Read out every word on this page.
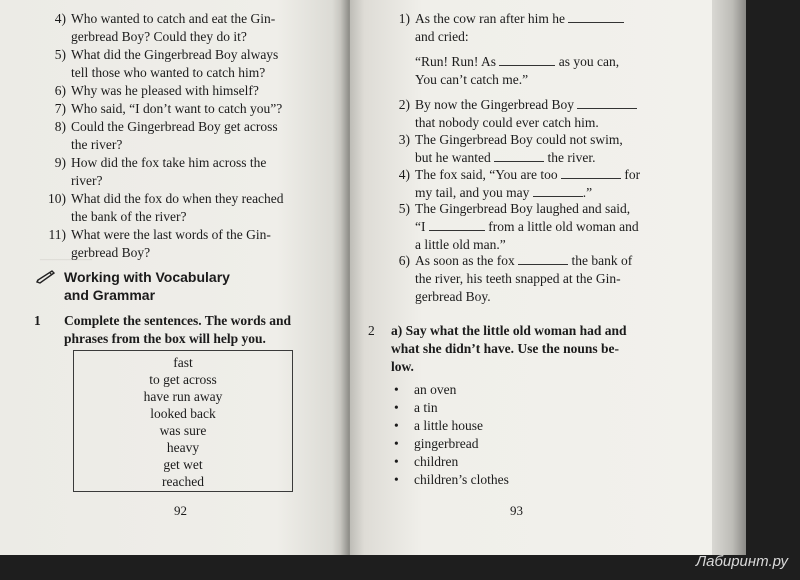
————
4) Who wanted to catch and eat the Gin-
gerbread Boy? Could they do it?
5) What did the Gingerbread Boy always
tell those who wanted to catch him?
6) Why was he pleased with himself?
7) Who said, “I don’t want to catch you”?
8) Could the Gingerbread Boy get across
the river?
9) How did the fox take him across the
river?
10) What did the fox do when they reached
the bank of the river?
11) What were the last words of the Gin-
gerbread Boy?
Working with Vocabulary
and Grammar
1 Complete the sentences. The words and
phrases from the box will help you.
fast
to get across
have run away
looked back
was sure
heavy
get wet
reached
92
1) As the cow ran after him he
and cried:
“Run! Run! As	as you can,
You can’t catch me.”
2) By now the Gingerbread Boy
that nobody could ever catch him.
3) The Gingerbread Boy could not swim,
but he wanted	the river.
4) The fox said, “You are too	for
my tail, and you may	.”
5) The Gingerbread Boy laughed and said,
“I	from a little old woman and
a little old man.”
6) As soon as the fox	the bank of
the river, his teeth snapped at the Gin-
gerbread Boy.
2 a) Say what the little old woman had and
what she didn’t have. Use the nouns be-
low.
• an oven
• a tin
• a little house
• gingerbread
• children
• children’s clothes
93
Лабиринт.ру
